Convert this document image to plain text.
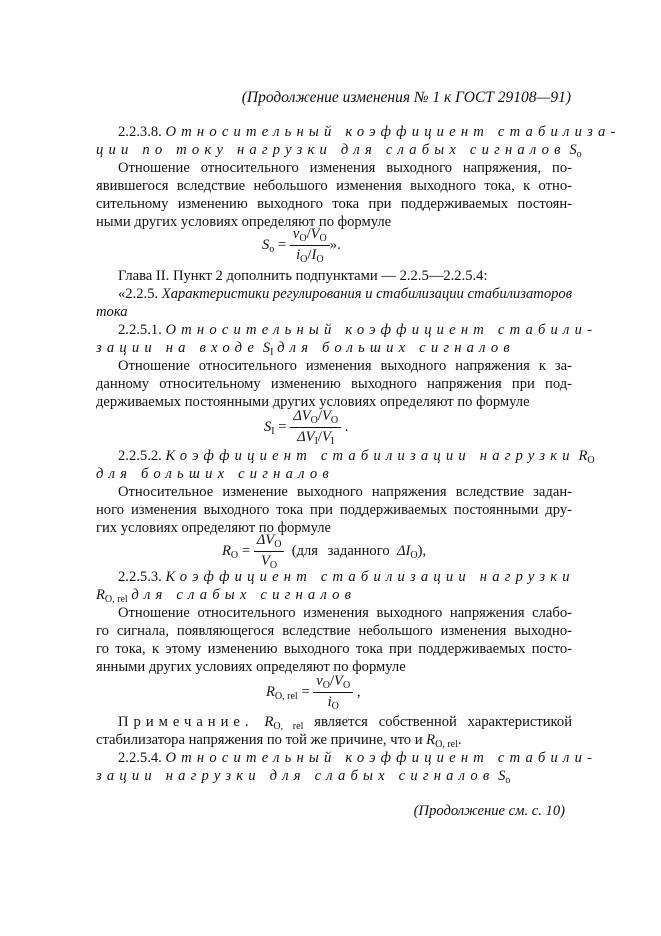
(Продолжение изменения № 1 к ГОСТ 29108—91)
2.2.3.8. Относительный коэффициент стабилиза-
ции по току нагрузки для слабых сигналов $S_o$
Отношение относительного изменения выходного напряжения, по-
явившегося вследствие небольшого изменения выходного тока, к отно-
сительному изменению выходного тока при поддерживаемых постоян-
ными других условиях определяют по формуле
$S_o = \frac{v_O/V_O}{i_O/I_O}$ ».
Глава II. Пункт 2 дополнить подпунктами — 2.2.5—2.2.5.4:
«2.2.5. Характеристики регулирования и стабилизации стабилизаторов
тока
2.2.5.1. Относительный коэффициент стабили-
зации на входе $S_I$ для больших сигналов
Отношение относительного изменения выходного напряжения к за-
данному относительному изменению выходного напряжения при под-
держиваемых постоянными других условиях определяют по формуле
$S_I = \frac{\Delta V_O/V_O}{\Delta V_I/V_I}$ .
2.2.5.2. Коэффициент стабилизации нагрузки $R_O$
для больших сигналов
Относительное изменение выходного напряжения вследствие задан-
ного изменения выходного тока при поддерживаемых постоянными дру-
гих условиях определяют по формуле
$R_O = \frac{\Delta V_O}{V_O} (для$ заданного $\Delta I_O$),
2.2.5.3. Коэффициент стабилизации нагрузки
$R_{O, rel}$ для слабых сигналов
Отношение относительного изменения выходного напряжения слабо-
го сигнала, появляющегося вследствие небольшого изменения выходно-
го тока, к этому изменению выходного тока при поддерживаемых посто-
янными других условиях определяют по формуле
$R_{O, rel} = \frac{v_O/V_O}{i_O}$ ,
Примечание. $R_{O, rel}$ является собственной характеристикой
стабилизатора напряжения по той же причине, что и $R_{O, rel}$.
2.2.5.4. Относительный коэффициент стабили-
зации нагрузки для слабых сигналов $S_o$
(Продолжение см. с. 10)
